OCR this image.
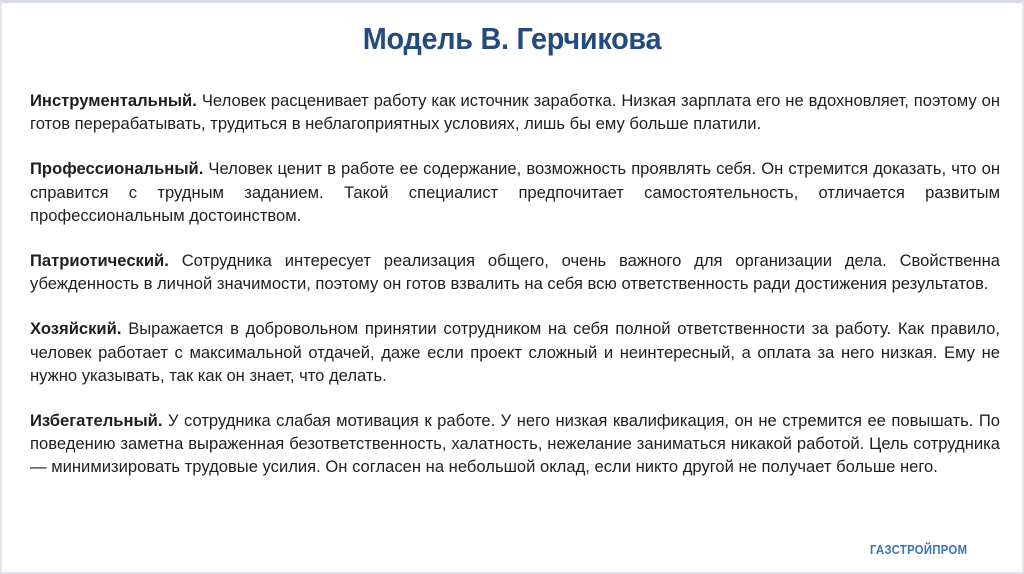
Модель В. Герчикова

Инструментальный. Человек расценивает работу как источник заработка. Низкая зарплата его не вдохновляет, поэтому он готов перерабатывать, трудиться в неблагоприятных условиях, лишь бы ему больше платили.

Профессиональный. Человек ценит в работе ее содержание, возможность проявлять себя. Он стремится доказать, что он справится с трудным заданием. Такой специалист предпочитает самостоятельность, отличается развитым профессиональным достоинством.

Патриотический. Сотрудника интересует реализация общего, очень важного для организации дела. Свойственна убежденность в личной значимости, поэтому он готов взвалить на себя всю ответственность ради достижения результатов.

Хозяйский. Выражается в добровольном принятии сотрудником на себя полной ответственности за работу. Как правило, человек работает с максимальной отдачей, даже если проект сложный и неинтересный, а оплата за него низкая. Ему не нужно указывать, так как он знает, что делать.

Избегательный. У сотрудника слабая мотивация к работе. У него низкая квалификация, он не стремится ее повышать. По поведению заметна выраженная безответственность, халатность, нежелание заниматься никакой работой. Цель сотрудника — минимизировать трудовые усилия. Он согласен на небольшой оклад, если никто другой не получает больше него.

ГАЗСТРОЙПРОМ
